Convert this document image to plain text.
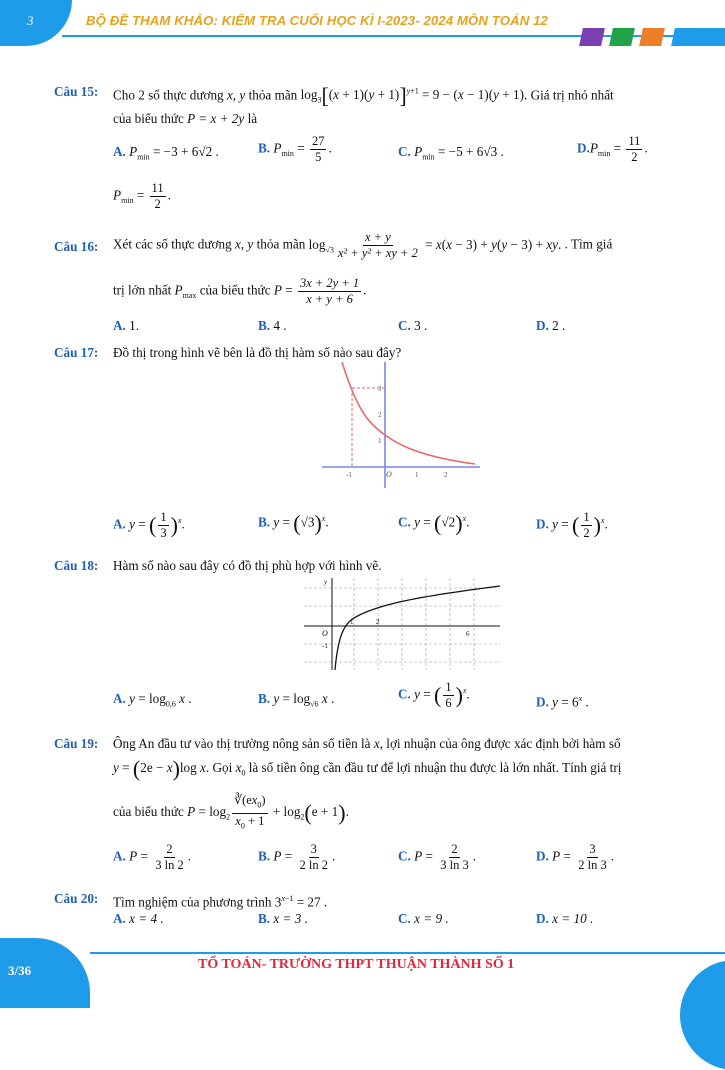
3	BỘ ĐỀ THAM KHẢO: KIỂM TRA CUỐI HỌC KÌ I-2023- 2024 MÔN TOÁN 12
Câu 15: Cho 2 số thực dương x, y thỏa mãn $\log_3[(x + 1)(y + 1)]^{y+1} = 9 - (x - 1)(y + 1)$. Giá trị nhỏ nhất
của biểu thức P = x + 2y là
A. $P_{min} = -3 + 6√2$ .	B. $P_{min} = \frac{27}{5}$ .	C. $P_{min} = -5 + 6√3$ .	$D.P_{min} = \frac{11}{2}$ .
$P_{min} = \frac{11}{2}$ .
Câu 16: Xét các số thực dương x, y thỏa mãn $\log_{√3} \frac{x + y}{\text{x² + y² + xy + 2}} = x(x - 3) + y(y - 3)$ + xy. . Tìm giá
trị lớn nhất $P_{max}$ của biểu thức $P = \frac{3x + 2y + 1}{x + y + 6}$ .
A. 1.	B. 4 .	C. 3 .	D. 2 .
Câu 17: Đồ thị trong hình vẽ bên là đồ thị hàm số nào sau đây?
-1	O	1	2
3
2
1
A. y = ( $\frac{1}{3} )^x$.	B. $y = (√3)^x$.	C. $y = (√2)^x$.	D. y = ( $\frac{1}{2} )^x$.
Câu 18: Hàm số nào sau đây có đồ thị phù hợp với hình vẽ.
O
1	2
6
-1
y
A. $y = \log_{0,6} x$ .	B. $y = \log_{√6} x$ .	C. y = ( $\frac{1}{6} )^x$.
D. $y = 6^x$ .
Câu 19: Ông An đầu tư vào thị trường nông sản số tiền là x, lợi nhuận của ông được xác định bởi hàm số
y = (2e − x)log x. Gọi $x_0$ là số tiền ông cần đầu tư để lợi nhuận thu được là lớn nhất. Tính giá trị
của biểu thức $P = \log_2 \frac{∛(ex_0)}{x_0 + 1} + \log_2(e + 1)$.
A. $P = \frac{2}{3 \ln 2}$ .	B. $P = \frac{3}{2 \ln 2}$ .	C. $P = \frac{2}{3 \ln 3}$ .	D. $P = \frac{3}{2 \ln 3}$ .
Câu 20: Tìm nghiệm của phương trình $3^{x-1} = 27$ .
A. x = 4 .	B. x = 3 .	C. x = 9 .	D. x = 10 .
3/36	TỔ TOÁN- TRƯỜNG THPT THUẬN THÀNH SỐ 1
